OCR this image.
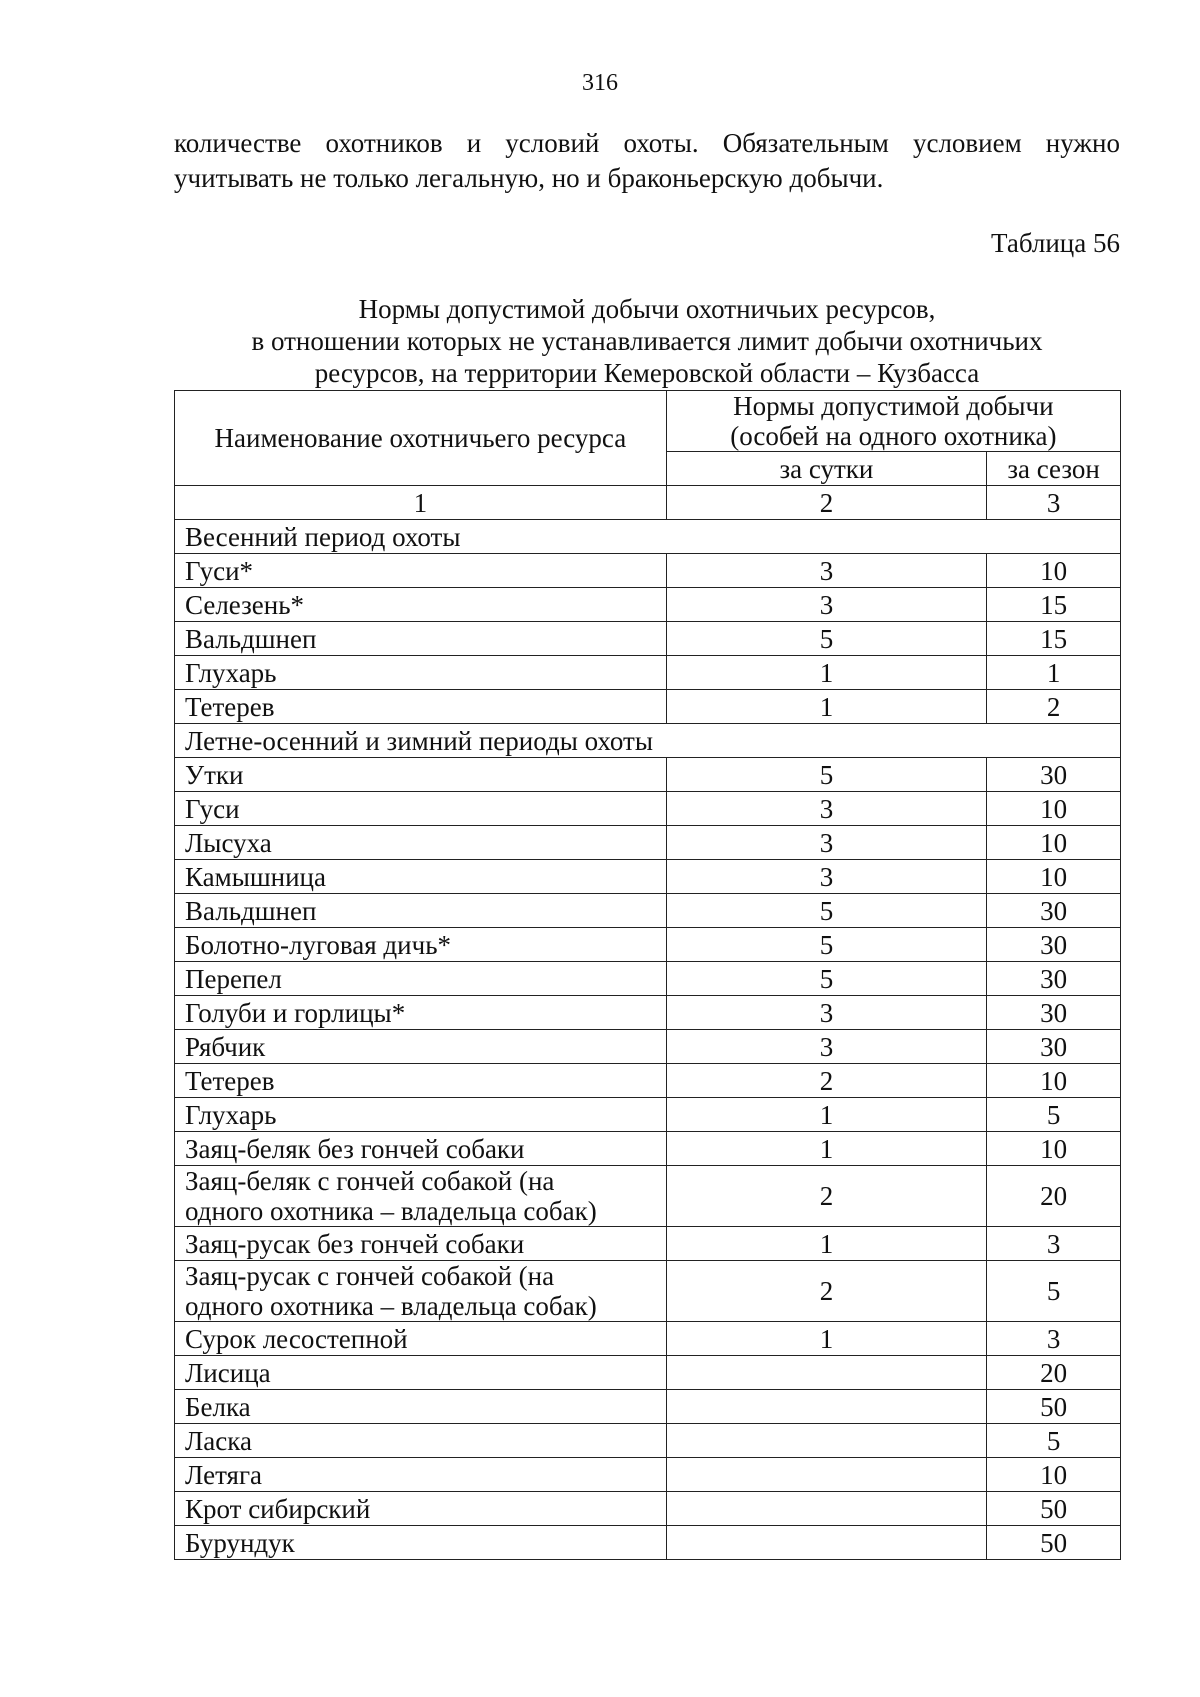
316
количестве охотников и условий охоты. Обязательным условием нужно
учитывать не только легальную, но и браконьерскую добычи.
Таблица 56
Нормы допустимой добычи охотничьих ресурсов,
в отношении которых не устанавливается лимит добычи охотничьих
ресурсов, на территории Кемеровской области – Кузбасса
Наименование охотничьего ресурса	Нормы допустимой добычи
(особей на одного охотника)	

	за сутки	за сезон
1	2	3
Весенний период охоты		
Гуси*	3	10
Селезень*	3	15
Вальдшнеп	5	15
Глухарь	1	1
Тетерев	1	2
Летне-осенний и зимний периоды охоты		
Утки	5	30
Гуси	3	10
Лысуха	3	10
Камышница	3	10
Вальдшнеп	5	30
Болотно-луговая дичь*	5	30
Перепел	5	30
Голуби и горлицы*	3	30
Рябчик	3	30
Тетерев	2	10
Глухарь	1	5
Заяц-беляк без гончей собаки	1	10

Заяц-беляк с гончей собакой (на
одного охотника – владельца собак)	2	20
Заяц-русак без гончей собаки	1	3

Заяц-русак с гончей собакой (на
одного охотника – владельца собак)	2	5
Сурок лесостепной	1	3
Лисица		20
Белка		50
Ласка		5
Летяга		10
Крот сибирский		50
Бурундук		50
